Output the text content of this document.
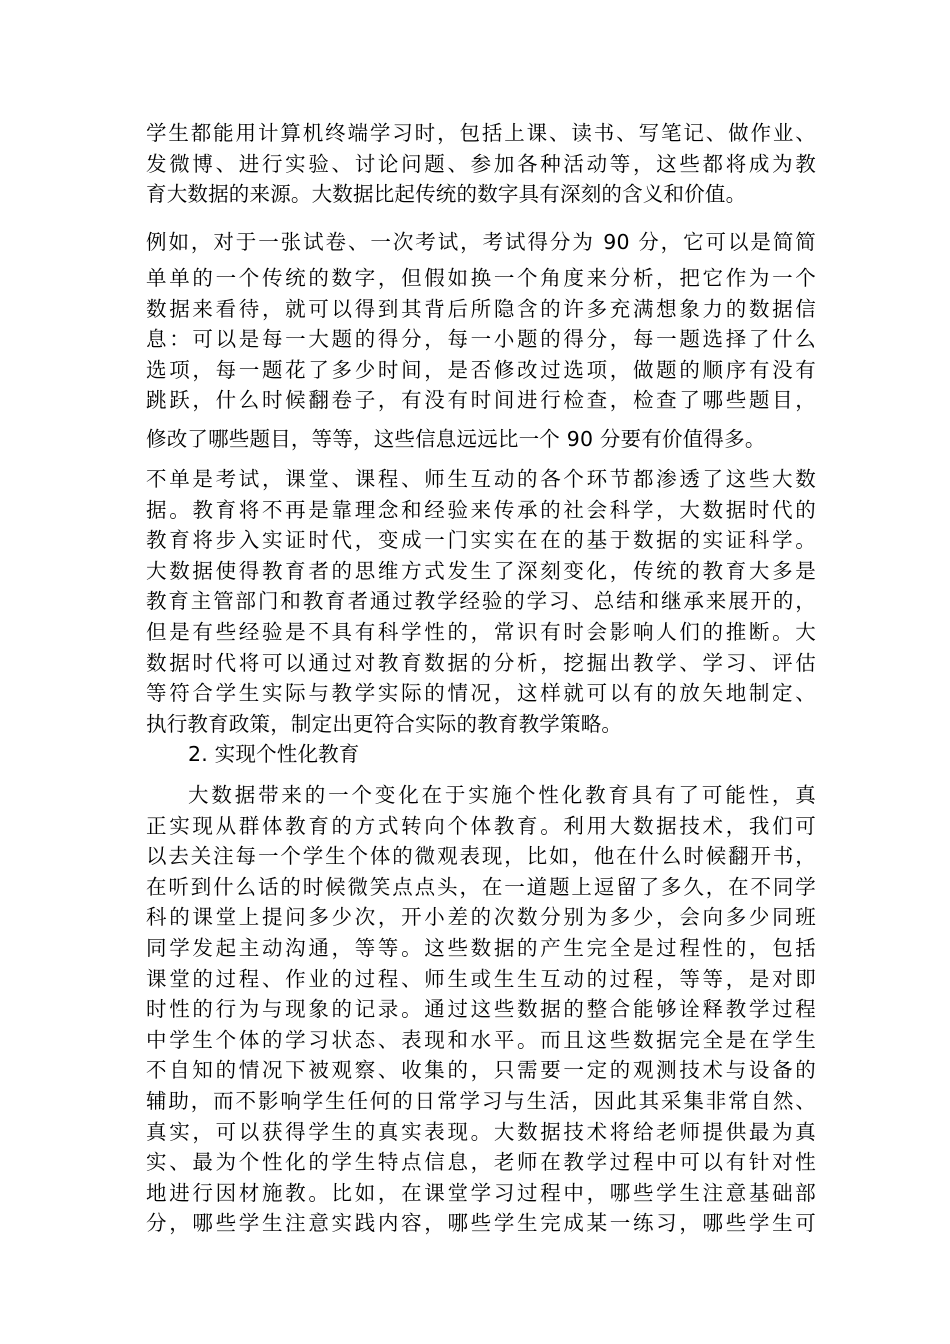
学生都能用计算机终端学习时，包括上课、读书、写笔记、做作业、
发微博、进行实验、讨论问题、参加各种活动等，这些都将成为教
育大数据的来源。大数据比起传统的数字具有深刻的含义和价值。
例如，对于一张试卷、一次考试，考试得分为 90 分，它可以是简简
单单的一个传统的数字，但假如换一个角度来分析，把它作为一个
数据来看待，就可以得到其背后所隐含的许多充满想象力的数据信
息：可以是每一大题的得分，每一小题的得分，每一题选择了什么
选项，每一题花了多少时间，是否修改过选项，做题的顺序有没有
跳跃，什么时候翻卷子，有没有时间进行检查，检查了哪些题目，
修改了哪些题目，等等，这些信息远远比一个 90 分要有价值得多。
不单是考试，课堂、课程、师生互动的各个环节都渗透了这些大数
据。教育将不再是靠理念和经验来传承的社会科学，大数据时代的
教育将步入实证时代，变成一门实实在在的基于数据的实证科学。
大数据使得教育者的思维方式发生了深刻变化，传统的教育大多是
教育主管部门和教育者通过教学经验的学习、总结和继承来展开的，
但是有些经验是不具有科学性的，常识有时会影响人们的推断。大
数据时代将可以通过对教育数据的分析，挖掘出教学、学习、评估
等符合学生实际与教学实际的情况，这样就可以有的放矢地制定、
执行教育政策，制定出更符合实际的教育教学策略。
2. 实现个性化教育
大数据带来的一个变化在于实施个性化教育具有了可能性，真
正实现从群体教育的方式转向个体教育。利用大数据技术，我们可
以去关注每一个学生个体的微观表现，比如，他在什么时候翻开书，
在听到什么话的时候微笑点点头，在一道题上逗留了多久，在不同学
科的课堂上提问多少次，开小差的次数分别为多少，会向多少同班
同学发起主动沟通，等等。这些数据的产生完全是过程性的，包括
课堂的过程、作业的过程、师生或生生互动的过程，等等，是对即
时性的行为与现象的记录。通过这些数据的整合能够诠释教学过程
中学生个体的学习状态、表现和水平。而且这些数据完全是在学生
不自知的情况下被观察、收集的，只需要一定的观测技术与设备的
辅助，而不影响学生任何的日常学习与生活，因此其采集非常自然、
真实，可以获得学生的真实表现。大数据技术将给老师提供最为真
实、最为个性化的学生特点信息，老师在教学过程中可以有针对性
地进行因材施教。比如，在课堂学习过程中，哪些学生注意基础部
分，哪些学生注意实践内容，哪些学生完成某一练习，哪些学生可
